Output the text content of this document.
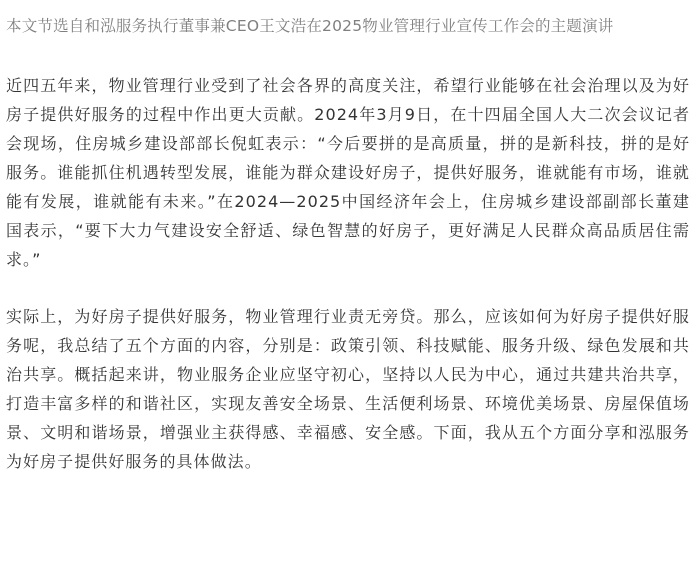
本文节选自和泓服务执行董事兼CEO王文浩在2025物业管理行业宣传工作会的主题演讲

近四五年来，物业管理行业受到了社会各界的高度关注，希望行业能够在社会治理以及为好房子提供好服务的过程中作出更大贡献。2024年3月9日，在十四届全国人大二次会议记者会现场，住房城乡建设部部长倪虹表示：“今后要拼的是高质量，拼的是新科技，拼的是好服务。谁能抓住机遇转型发展，谁能为群众建设好房子，提供好服务，谁就能有市场，谁就能有发展，谁就能有未来。”在2024—2025中国经济年会上，住房城乡建设部副部长董建国表示，“要下大力气建设安全舒适、绿色智慧的好房子，更好满足人民群众高品质居住需求。”

实际上，为好房子提供好服务，物业管理行业责无旁贷。那么，应该如何为好房子提供好服务呢，我总结了五个方面的内容，分别是：政策引领、科技赋能、服务升级、绿色发展和共治共享。概括起来讲，物业服务企业应坚守初心，坚持以人民为中心，通过共建共治共享，打造丰富多样的和谐社区，实现友善安全场景、生活便利场景、环境优美场景、房屋保值场景、文明和谐场景，增强业主获得感、幸福感、安全感。下面，我从五个方面分享和泓服务为好房子提供好服务的具体做法。
